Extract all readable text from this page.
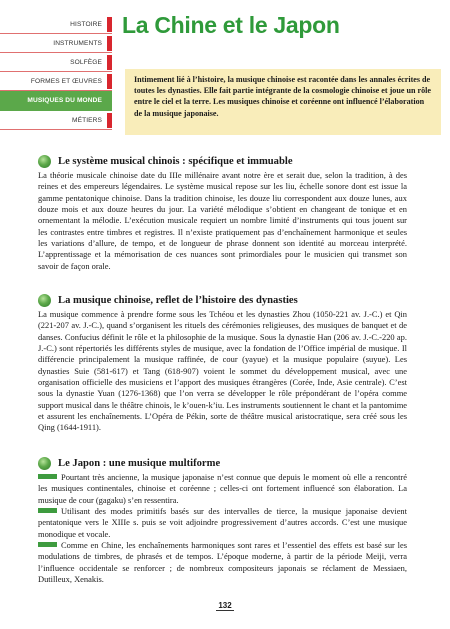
HISTOIRE
INSTRUMENTS
SOLFÈGE
FORMES ET ŒUVRES
MUSIQUES DU MONDE
MÉTIERS
La Chine et le Japon
Intimement lié à l’histoire, la musique chinoise est racontée dans les annales écrites de toutes les dynasties. Elle fait partie intégrante de la cosmologie chinoise et joue un rôle entre le ciel et la terre. Les musiques chinoise et coréenne ont influencé l’élaboration de la musique japonaise.
Le système musical chinois : spécifique et immuable
La théorie musicale chinoise date du IIIe millénaire avant notre ère et serait due, selon la tradition, à des reines et des empereurs légendaires. Le système musical repose sur les liu, échelle sonore dont est issue la gamme pentatonique chinoise. Dans la tradition chinoise, les douze liu correspondent aux douze lunes, aux douze mois et aux douze heures du jour. La variété mélodique s’obtient en changeant de tonique et en ornementant la mélodie. L’exécution musicale requiert un nombre limité d’instruments qui tous jouent sur les contrastes entre timbres et registres. Il n’existe pratiquement pas d’enchaînement harmonique et seules les variations d’allure, de tempo, et de longueur de phrase donnent son identité au morceau interprété. L’apprentissage et la mémorisation de ces nuances sont primordiales pour le musicien qui transmet son savoir de façon orale.
La musique chinoise, reflet de l’histoire des dynasties
La musique commence à prendre forme sous les Tchéou et les dynasties Zhou (1050-221 av. J.-C.) et Qin (221-207 av. J.-C.), quand s’organisent les rituels des cérémonies religieuses, des musiques de banquet et de danses. Confucius définit le rôle et la philosophie de la musique. Sous la dynastie Han (206 av. J.-C.-220 ap. J.-C.) sont répertoriés les différents styles de musique, avec la fondation de l’Office impérial de musique. Il différencie principalement la musique raffinée, de cour (yayue) et la musique populaire (suyue). Les dynasties Suie (581-617) et Tang (618-907) voient le sommet du développement musical, avec une organisation officielle des musiciens et l’apport des musiques étrangères (Corée, Inde, Asie centrale). C’est sous la dynastie Yuan (1276-1368) que l’on verra se développer le rôle prépondérant de l’opéra comme support musical dans le théâtre chinois, le k’ouen-k’iu. Les instruments soutiennent le chant et la pantomime et assurent les enchaînements. L’Opéra de Pékin, sorte de théâtre musical aristocratique, sera créé sous les Qing (1644-1911).
Le Japon : une musique multiforme
Pourtant très ancienne, la musique japonaise n’est connue que depuis le moment où elle a rencontré les musiques continentales, chinoise et coréenne ; celles-ci ont fortement influencé son élaboration. La musique de cour (gagaku) s’en ressentira.
Utilisant des modes primitifs basés sur des intervalles de tierce, la musique japonaise devient pentatonique vers le XIIIe s. puis se voit adjoindre progressivement d’autres accords. C’est une musique monodique et vocale.
Comme en Chine, les enchaînements harmoniques sont rares et l’essentiel des effets est basé sur les modulations de timbres, de phrasés et de tempos. L’époque moderne, à partir de la période Meiji, verra l’influence occidentale se renforcer ; de nombreux compositeurs japonais se réclament de Messiaen, Dutilleux, Xenakis.
132
